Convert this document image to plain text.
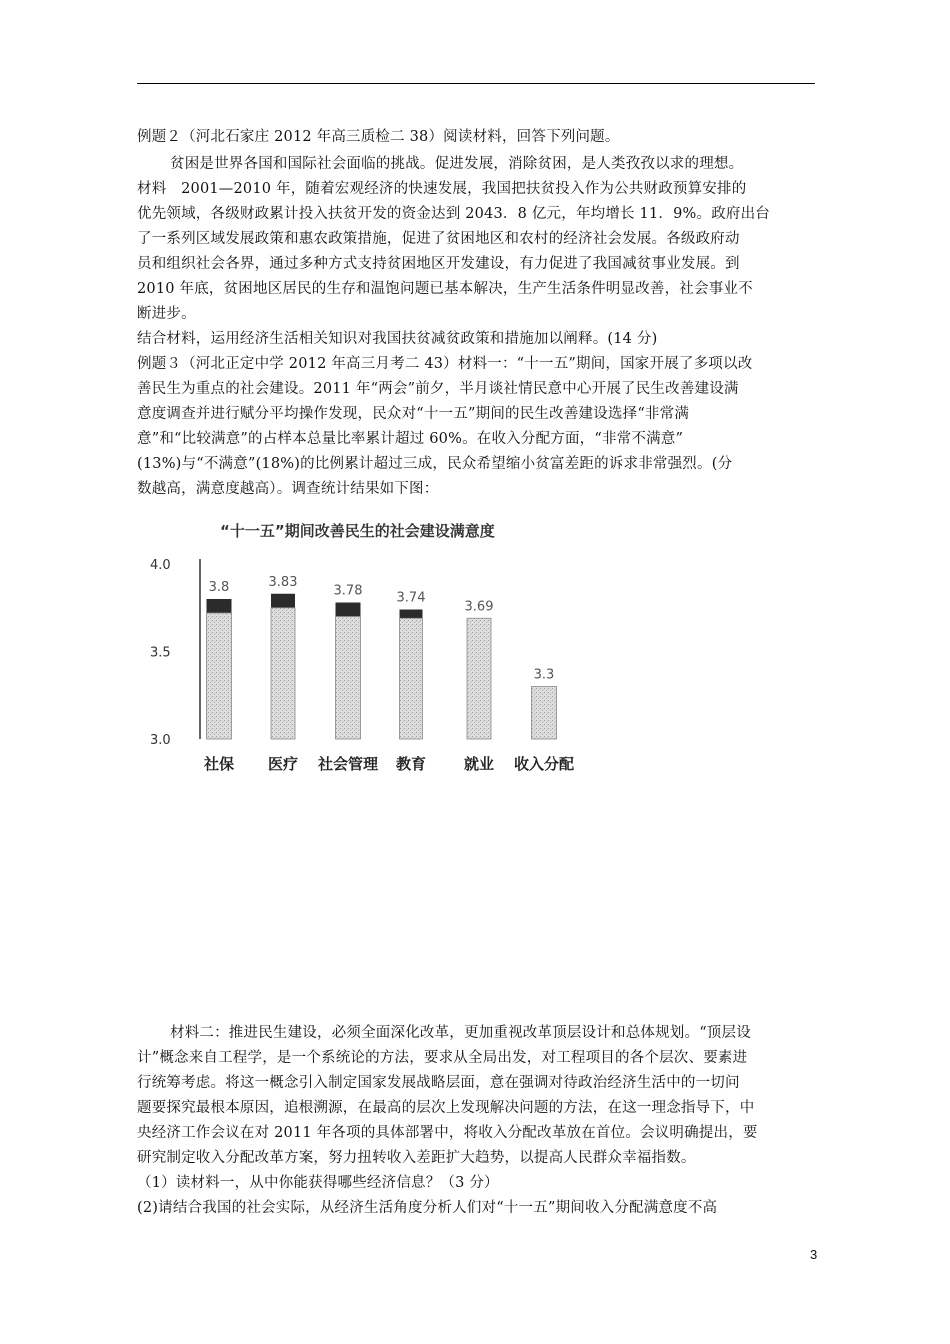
例题２（河北石家庄 2012 年高三质检二 38）阅读材料，回答下列问题。
贫困是世界各国和国际社会面临的挑战。促进发展，消除贫困，是人类孜孜以求的理想。
材料　2001—2010 年，随着宏观经济的快速发展，我国把扶贫投入作为公共财政预算安排的
优先领域，各级财政累计投入扶贫开发的资金达到 2043．8 亿元，年均增长 11．9%。政府出台
了一系列区域发展政策和惠农政策措施，促进了贫困地区和农村的经济社会发展。各级政府动
员和组织社会各界，通过多种方式支持贫困地区开发建设，有力促进了我国减贫事业发展。到
2010 年底，贫困地区居民的生存和温饱问题已基本解决，生产生活条件明显改善，社会事业不
断进步。
结合材料，运用经济生活相关知识对我国扶贫减贫政策和措施加以阐释。(14 分)
例题３（河北正定中学 2012 年高三月考二 43）材料一：“十一五”期间，国家开展了多项以改
善民生为重点的社会建设。2011 年“两会”前夕，半月谈社情民意中心开展了民生改善建设满
意度调查并进行赋分平均操作发现，民众对“十一五”期间的民生改善建设选择“非常满
意”和“比较满意”的占样本总量比率累计超过 60%。在收入分配方面，“非常不满意”
(13%)与“不满意”(18%)的比例累计超过三成，民众希望缩小贫富差距的诉求非常强烈。(分
数越高，满意度越高）。调查统计结果如下图：
“十一五”期间改善民生的社会建设满意度
4.0
3.5
3.0
3.8
社保
3.83
医疗
3.78
社会管理
3.74
教育
3.69
就业
3.3
收入分配
材料二：推进民生建设，必须全面深化改革，更加重视改革顶层设计和总体规划。“顶层设
计”概念来自工程学，是一个系统论的方法，要求从全局出发，对工程项目的各个层次、要素进
行统筹考虑。将这一概念引入制定国家发展战略层面，意在强调对待政治经济生活中的一切问
题要探究最根本原因，追根溯源，在最高的层次上发现解决问题的方法，在这一理念指导下，中
央经济工作会议在对 2011 年各项的具体部署中，将收入分配改革放在首位。会议明确提出，要
研究制定收入分配改革方案，努力扭转收入差距扩大趋势，以提高人民群众幸福指数。
（1）读材料一，从中你能获得哪些经济信息？（3 分）
(2)请结合我国的社会实际，从经济生活角度分析人们对“十一五”期间收入分配满意度不高
3
